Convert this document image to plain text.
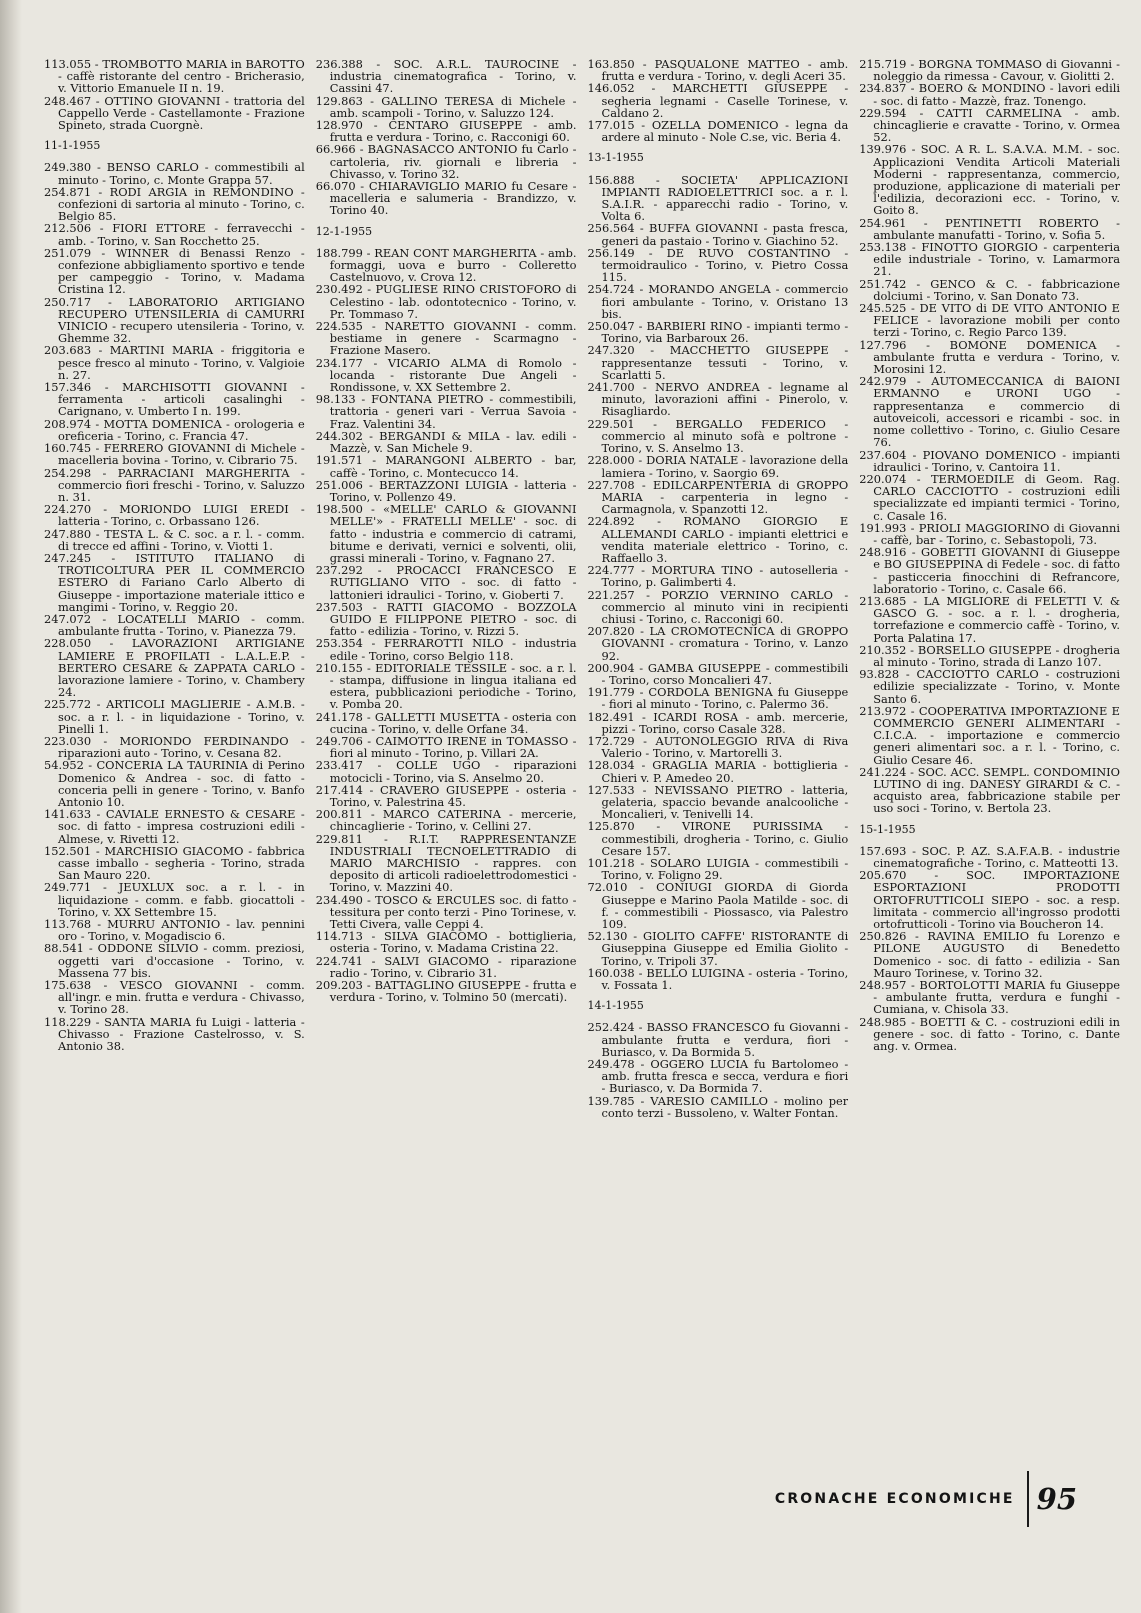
113.055 - TROMBOTTO MARIA in BAROTTO - caffè ristorante del centro - Bricherasio, v. Vittorio Emanuele II n. 19.
248.467 - OTTINO GIOVANNI - trattoria del Cappello Verde - Castellamonte - Frazione Spineto, strada Cuorgnè.
11-1-1955
249.380 - BENSO CARLO - commestibili al minuto - Torino, c. Monte Grappa 57.
254.871 - RODI ARGIA in REMONDINO - confezioni di sartoria al minuto - Torino, c. Belgio 85.
212.506 - FIORI ETTORE - ferravecchi - amb. - Torino, v. San Rocchetto 25.
251.079 - WINNER di Benassi Renzo - confezione abbigliamento sportivo e tende per campeggio - Torino, v. Madama Cristina 12.
250.717 - LABORATORIO ARTIGIANO RECUPERO UTENSILERIA di CAMURRI VINICIO - recupero utensileria - Torino, v. Ghemme 32.
203.683 - MARTINI MARIA - friggitoria e pesce fresco al minuto - Torino, v. Valgioie n. 27.
157.346 - MARCHISOTTI GIOVANNI - ferramenta - articoli casalinghi - Carignano, v. Umberto I n. 199.
208.974 - MOTTA DOMENICA - orologeria e oreficeria - Torino, c. Francia 47.
160.745 - FERRERO GIOVANNI di Michele - macelleria bovina - Torino, v. Cibrario 75.
254.298 - PARRACIANI MARGHERITA - commercio fiori freschi - Torino, v. Saluzzo n. 31.
224.270 - MORIONDO LUIGI EREDI - latteria - Torino, c. Orbassano 126.
247.880 - TESTA L. & C. soc. a r. l. - comm. di trecce ed affini - Torino, v. Viotti 1.
247.245 - ISTITUTO ITALIANO di TROTICOLTURA PER IL COMMERCIO ESTERO di Fariano Carlo Alberto di Giuseppe - importazione materiale ittico e mangimi - Torino, v. Reggio 20.
247.072 - LOCATELLI MARIO - comm. ambulante frutta - Torino, v. Pianezza 79.
228.050 - LAVORAZIONI ARTIGIANE LAMIERE E PROFILATI - L.A.L.E.P. - BERTERO CESARE & ZAPPATA CARLO - lavorazione lamiere - Torino, v. Chambery 24.
225.772 - ARTICOLI MAGLIERIE - A.M.B. - soc. a r. l. - in liquidazione - Torino, v. Pinelli 1.
223.030 - MORIONDO FERDINANDO - riparazioni auto - Torino, v. Cesana 82.
54.952 - CONCERIA LA TAURINIA di Perino Domenico & Andrea - soc. di fatto - conceria pelli in genere - Torino, v. Banfo Antonio 10.
141.633 - CAVIALE ERNESTO & CESARE - soc. di fatto - impresa costruzioni edili - Almese, v. Rivetti 12.
152.501 - MARCHISIO GIACOMO - fabbrica casse imballo - segheria - Torino, strada San Mauro 220.
249.771 - JEUXLUX soc. a r. l. - in liquidazione - comm. e fabb. giocattoli - Torino, v. XX Settembre 15.
113.768 - MURRU ANTONIO - lav. pennini oro - Torino, v. Mogadiscio 6.
88.541 - ODDONE SILVIO - comm. preziosi, oggetti vari d'occasione - Torino, v. Massena 77 bis.
175.638 - VESCO GIOVANNI - comm. all'ingr. e min. frutta e verdura - Chivasso, v. Torino 28.
118.229 - SANTA MARIA fu Luigi - latteria - Chivasso - Frazione Castelrosso, v. S. Antonio 38.
236.388 - SOC. A.R.L. TAUROCINE - industria cinematografica - Torino, v. Cassini 47.
129.863 - GALLINO TERESA di Michele - amb. scampoli - Torino, v. Saluzzo 124.
128.970 - CENTARO GIUSEPPE - amb. frutta e verdura - Torino, c. Racconigi 60.
66.966 - BAGNASACCO ANTONIO fu Carlo - cartoleria, riv. giornali e libreria - Chivasso, v. Torino 32.
66.070 - CHIARAVIGLIO MARIO fu Cesare - macelleria e salumeria - Brandizzo, v. Torino 40.
12-1-1955
188.799 - REAN CONT MARGHERITA - amb. formaggi, uova e burro - Colleretto Castelnuovo, v. Crova 12.
230.492 - PUGLIESE RINO CRISTOFORO di Celestino - lab. odontotecnico - Torino, v. Pr. Tommaso 7.
224.535 - NARETTO GIOVANNI - comm. bestiame in genere - Scarmagno - Frazione Masero.
234.177 - VICARIO ALMA di Romolo - locanda - ristorante Due Angeli - Rondissone, v. XX Settembre 2.
98.133 - FONTANA PIETRO - commestibili, trattoria - generi vari - Verrua Savoia - Fraz. Valentini 34.
244.302 - BERGANDI & MILA - lav. edili - Mazzè, v. San Michele 9.
191.571 - MARANGONI ALBERTO - bar, caffè - Torino, c. Montecucco 14.
251.006 - BERTAZZONI LUIGIA - latteria - Torino, v. Pollenzo 49.
198.500 - «MELLE' CARLO & GIOVANNI MELLE'» - FRATELLI MELLE' - soc. di fatto - industria e commercio di catrami, bitume e derivati, vernici e solventi, olii, grassi minerali - Torino, v. Fagnano 27.
237.292 - PROCACCI FRANCESCO E RUTIGLIANO VITO - soc. di fatto - lattonieri idraulici - Torino, v. Gioberti 7.
237.503 - RATTI GIACOMO - BOZZOLA GUIDO E FILIPPONE PIETRO - soc. di fatto - edilizia - Torino, v. Rizzi 5.
253.354 - FERRAROTTI NILO - industria edile - Torino, corso Belgio 118.
210.155 - EDITORIALE TESSILE - soc. a r. l. - stampa, diffusione in lingua italiana ed estera, pubblicazioni periodiche - Torino, v. Pomba 20.
241.178 - GALLETTI MUSETTA - osteria con cucina - Torino, v. delle Orfane 34.
249.706 - CAIMOTTO IRENE in TOMASSO - fiori al minuto - Torino, p. Villari 2A.
233.417 - COLLE UGO - riparazioni motocicli - Torino, via S. Anselmo 20.
217.414 - CRAVERO GIUSEPPE - osteria - Torino, v. Palestrina 45.
200.811 - MARCO CATERINA - mercerie, chincaglierie - Torino, v. Cellini 27.
229.811 - R.I.T. RAPPRESENTANZE INDUSTRIALI TECNOELETTRADIO di MARIO MARCHISIO - rappres. con deposito di articoli radioelettrodomestici - Torino, v. Mazzini 40.
234.490 - TOSCO & ERCULES soc. di fatto - tessitura per conto terzi - Pino Torinese, v. Tetti Civera, valle Ceppi 4.
114.713 - SILVA GIACOMO - bottiglieria, osteria - Torino, v. Madama Cristina 22.
224.741 - SALVI GIACOMO - riparazione radio - Torino, v. Cibrario 31.
209.203 - BATTAGLINO GIUSEPPE - frutta e verdura - Torino, v. Tolmino 50 (mercati).
163.850 - PASQUALONE MATTEO - amb. frutta e verdura - Torino, v. degli Aceri 35.
146.052 - MARCHETTI GIUSEPPE - segheria legnami - Caselle Torinese, v. Caldano 2.
177.015 - OZELLA DOMENICO - legna da ardere al minuto - Nole C.se, vic. Beria 4.
13-1-1955
156.888 - SOCIETA' APPLICAZIONI IMPIANTI RADIOELETTRICI soc. a r. l. S.A.I.R. - apparecchi radio - Torino, v. Volta 6.
256.564 - BUFFA GIOVANNI - pasta fresca, generi da pastaio - Torino v. Giachino 52.
256.149 - DE RUVO COSTANTINO - termoidraulico - Torino, v. Pietro Cossa 115.
254.724 - MORANDO ANGELA - commercio fiori ambulante - Torino, v. Oristano 13 bis.
250.047 - BARBIERI RINO - impianti termo - Torino, via Barbaroux 26.
247.320 - MACCHETTO GIUSEPPE - rappresentanze tessuti - Torino, v. Scarlatti 5.
241.700 - NERVO ANDREA - legname al minuto, lavorazioni affini - Pinerolo, v. Risagliardo.
229.501 - BERGALLO FEDERICO - commercio al minuto sofà e poltrone - Torino, v. S. Anselmo 13.
228.000 - DORIA NATALE - lavorazione della lamiera - Torino, v. Saorgio 69.
227.708 - EDILCARPENTERIA di GROPPO MARIA - carpenteria in legno - Carmagnola, v. Spanzotti 12.
224.892 - ROMANO GIORGIO E ALLEMANDI CARLO - impianti elettrici e vendita materiale elettrico - Torino, c. Raffaello 3.
224.777 - MORTURA TINO - autoselleria - Torino, p. Galimberti 4.
221.257 - PORZIO VERNINO CARLO - commercio al minuto vini in recipienti chiusi - Torino, c. Racconigi 60.
207.820 - LA CROMOTECNICA di GROPPO GIOVANNI - cromatura - Torino, v. Lanzo 92.
200.904 - GAMBA GIUSEPPE - commestibili - Torino, corso Moncalieri 47.
191.779 - CORDOLA BENIGNA fu Giuseppe - fiori al minuto - Torino, c. Palermo 36.
182.491 - ICARDI ROSA - amb. mercerie, pizzi - Torino, corso Casale 328.
172.729 - AUTONOLEGGIO RIVA di Riva Valerio - Torino, v. Martorelli 3.
128.034 - GRAGLIA MARIA - bottiglieria - Chieri v. P. Amedeo 20.
127.533 - NEVISSANO PIETRO - latteria, gelateria, spaccio bevande analcooliche - Moncalieri, v. Tenivelli 14.
125.870 - VIRONE PURISSIMA - commestibili, drogheria - Torino, c. Giulio Cesare 157.
101.218 - SOLARO LUIGIA - commestibili - Torino, v. Foligno 29.
72.010 - CONIUGI GIORDA di Giorda Giuseppe e Marino Paola Matilde - soc. di f. - commestibili - Piossasco, via Palestro 109.
52.130 - GIOLITO CAFFE' RISTORANTE di Giuseppina Giuseppe ed Emilia Giolito - Torino, v. Tripoli 37.
160.038 - BELLO LUIGINA - osteria - Torino, v. Fossata 1.
14-1-1955
252.424 - BASSO FRANCESCO fu Giovanni - ambulante frutta e verdura, fiori - Buriasco, v. Da Bormida 5.
249.478 - OGGERO LUCIA fu Bartolomeo - amb. frutta fresca e secca, verdura e fiori - Buriasco, v. Da Bormida 7.
139.785 - VARESIO CAMILLO - molino per conto terzi - Bussoleno, v. Walter Fontan.
215.719 - BORGNA TOMMASO di Giovanni - noleggio da rimessa - Cavour, v. Giolitti 2.
234.837 - BOERO & MONDINO - lavori edili - soc. di fatto - Mazzè, fraz. Tonengo.
229.594 - CATTI CARMELINA - amb. chincaglierie e cravatte - Torino, v. Ormea 52.
139.976 - SOC. A R. L. S.A.V.A. M.M. - soc. Applicazioni Vendita Articoli Materiali Moderni - rappresentanza, commercio, produzione, applicazione di materiali per l'edilizia, decorazioni ecc. - Torino, v. Goito 8.
254.961 - PENTINETTI ROBERTO - ambulante manufatti - Torino, v. Sofia 5.
253.138 - FINOTTO GIORGIO - carpenteria edile industriale - Torino, v. Lamarmora 21.
251.742 - GENCO & C. - fabbricazione dolciumi - Torino, v. San Donato 73.
245.525 - DE VITO di DE VITO ANTONIO E FELICE - lavorazione mobili per conto terzi - Torino, c. Regio Parco 139.
127.796 - BOMONE DOMENICA - ambulante frutta e verdura - Torino, v. Morosini 12.
242.979 - AUTOMECCANICA di BAIONI ERMANNO e URONI UGO - rappresentanza e commercio di autoveicoli, accessori e ricambi - soc. in nome collettivo - Torino, c. Giulio Cesare 76.
237.604 - PIOVANO DOMENICO - impianti idraulici - Torino, v. Cantoira 11.
220.074 - TERMOEDILE di Geom. Rag. CARLO CACCIOTTO - costruzioni edili specializzate ed impianti termici - Torino, c. Casale 16.
191.993 - PRIOLI MAGGIORINO di Giovanni - caffè, bar - Torino, c. Sebastopoli, 73.
248.916 - GOBETTI GIOVANNI di Giuseppe e BO GIUSEPPINA di Fedele - soc. di fatto - pasticceria finocchini di Refrancore, laboratorio - Torino, c. Casale 66.
213.685 - LA MIGLIORE di FELETTI V. & GASCO G. - soc. a r. l. - drogheria, torrefazione e commercio caffè - Torino, v. Porta Palatina 17.
210.352 - BORSELLO GIUSEPPE - drogheria al minuto - Torino, strada di Lanzo 107.
93.828 - CACCIOTTO CARLO - costruzioni edilizie specializzate - Torino, v. Monte Santo 6.
213.972 - COOPERATIVA IMPORTAZIONE E COMMERCIO GENERI ALIMENTARI - C.I.C.A. - importazione e commercio generi alimentari soc. a r. l. - Torino, c. Giulio Cesare 46.
241.224 - SOC. ACC. SEMPL. CONDOMINIO LUTINO di ing. DANESY GIRARDI & C. - acquisto area, fabbricazione stabile per uso soci - Torino, v. Bertola 23.
15-1-1955
157.693 - SOC. P. AZ. S.A.F.A.B. - industrie cinematografiche - Torino, c. Matteotti 13.
205.670 - SOC. IMPORTAZIONE ESPORTAZIONI PRODOTTI ORTOFRUTTICOLI SIEPO - soc. a resp. limitata - commercio all'ingrosso prodotti ortofrutticoli - Torino via Boucheron 14.
250.826 - RAVINA EMILIO fu Lorenzo e PILONE AUGUSTO di Benedetto Domenico - soc. di fatto - edilizia - San Mauro Torinese, v. Torino 32.
248.957 - BORTOLOTTI MARIA fu Giuseppe - ambulante frutta, verdura e funghi - Cumiana, v. Chisola 33.
248.985 - BOETTI & C. - costruzioni edili in genere - soc. di fatto - Torino, c. Dante ang. v. Ormea.
CRONACHE ECONOMICHE 95
